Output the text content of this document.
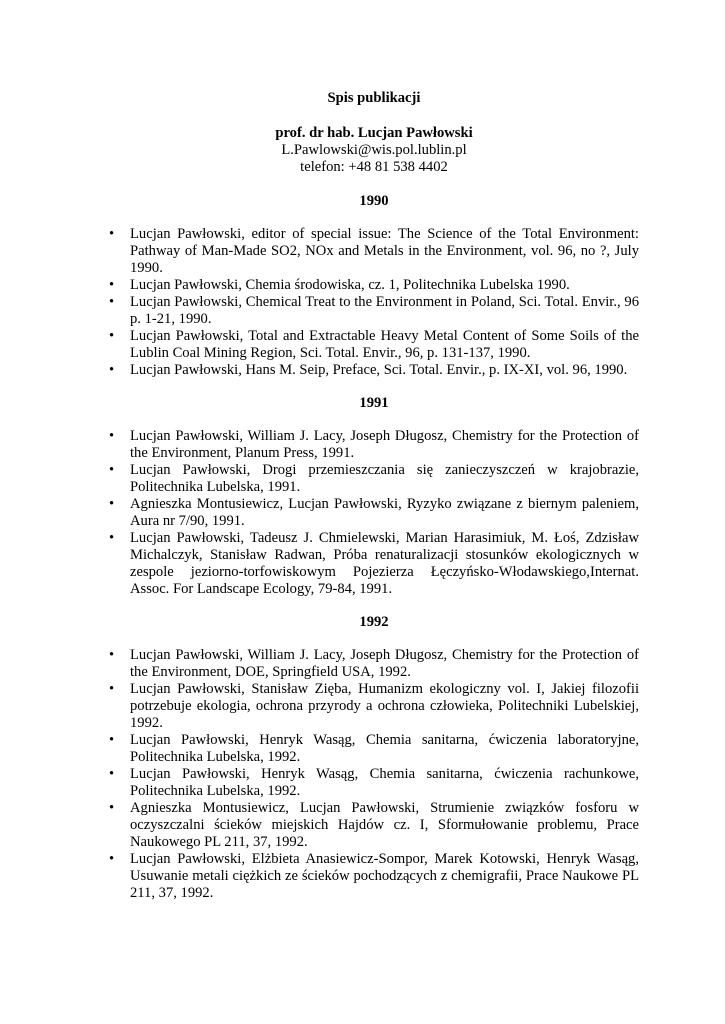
Spis publikacji
prof. dr hab. Lucjan Pawłowski
L.Pawlowski@wis.pol.lublin.pl
telefon: +48 81 538 4402
1990
•	Lucjan Pawłowski, editor of special issue: The Science of the Total Environment: Pathway of Man-Made SO2, NOx and Metals in the Environment, vol. 96, no ?, July 1990.
•	Lucjan Pawłowski, Chemia środowiska, cz. 1, Politechnika Lubelska 1990.
•	Lucjan Pawłowski, Chemical Treat to the Environment in Poland, Sci. Total. Envir., 96 p. 1-21, 1990.
•	Lucjan Pawłowski, Total and Extractable Heavy Metal Content of Some Soils of the Lublin Coal Mining Region, Sci. Total. Envir., 96, p. 131-137, 1990.
•	Lucjan Pawłowski, Hans M. Seip, Preface, Sci. Total. Envir., p. IX-XI, vol. 96, 1990.
1991
•	Lucjan Pawłowski, William J. Lacy, Joseph Długosz, Chemistry for the Protection of the Environment, Planum Press, 1991.
•	Lucjan Pawłowski, Drogi przemieszczania się zanieczyszczeń w krajobrazie, Politechnika Lubelska, 1991.
•	Agnieszka Montusiewicz, Lucjan Pawłowski, Ryzyko związane z biernym paleniem, Aura nr 7/90, 1991.
•	Lucjan Pawłowski, Tadeusz J. Chmielewski, Marian Harasimiuk, M. Łoś, Zdzisław Michalczyk, Stanisław Radwan, Próba renaturalizacji stosunków ekologicznych w zespole jeziorno-torfowiskowym Pojezierza Łęczyńsko-Włodawskiego,Internat. Assoc. For Landscape Ecology, 79-84, 1991.
1992
•	Lucjan Pawłowski, William J. Lacy, Joseph Długosz, Chemistry for the Protection of the Environment, DOE, Springfield USA, 1992.
•	Lucjan Pawłowski, Stanisław Zięba, Humanizm ekologiczny vol. I, Jakiej filozofii potrzebuje ekologia, ochrona przyrody a ochrona człowieka, Politechniki Lubelskiej, 1992.
•	Lucjan Pawłowski, Henryk Wasąg, Chemia sanitarna, ćwiczenia laboratoryjne, Politechnika Lubelska, 1992.
•	Lucjan Pawłowski, Henryk Wasąg, Chemia sanitarna, ćwiczenia rachunkowe, Politechnika Lubelska, 1992.
•	Agnieszka Montusiewicz, Lucjan Pawłowski, Strumienie związków fosforu w oczyszczalni ścieków miejskich Hajdów cz. I, Sformułowanie problemu, Prace Naukowego PL 211, 37, 1992.
•	Lucjan Pawłowski, Elżbieta Anasiewicz-Sompor, Marek Kotowski, Henryk Wasąg, Usuwanie metali ciężkich ze ścieków pochodzących z chemigrafii, Prace Naukowe PL 211, 37, 1992.
